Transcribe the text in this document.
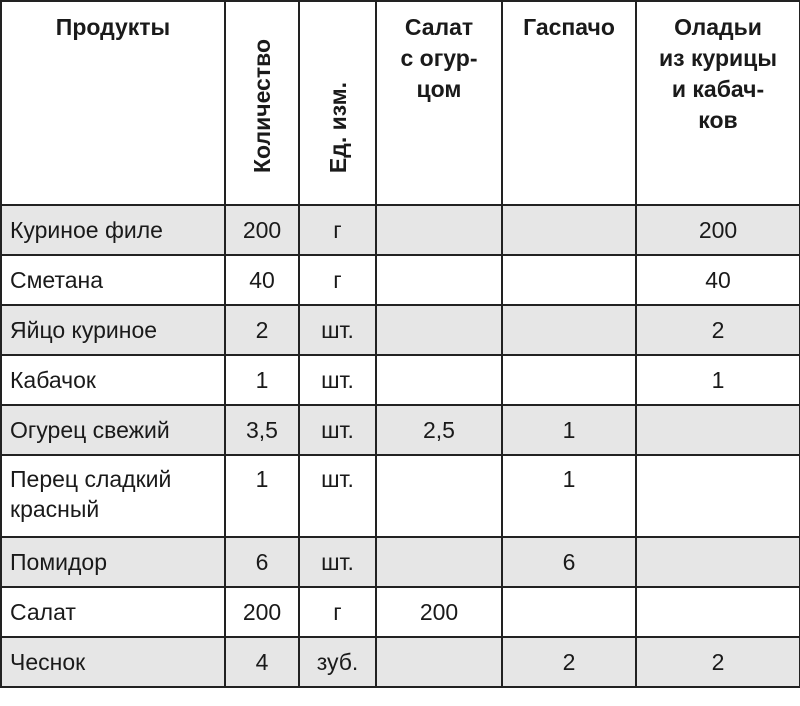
Продукты	Количество	Ед. изм.	Салат
с огур-
цом	Гаспачо	Оладьи
из курицы
и кабач-
ков

Куриное филе	200	г			200
Сметана	40	г			40
Яйцо куриное	2	шт.			2
Кабачок	1	шт.			1
Огурец свежий	3,5	шт.	2,5	1	
Перец сладкий
красный	1	шт.		1	
Помидор	6	шт.		6	
Салат	200	г	200		
Чеснок	4	зуб.		2	2
